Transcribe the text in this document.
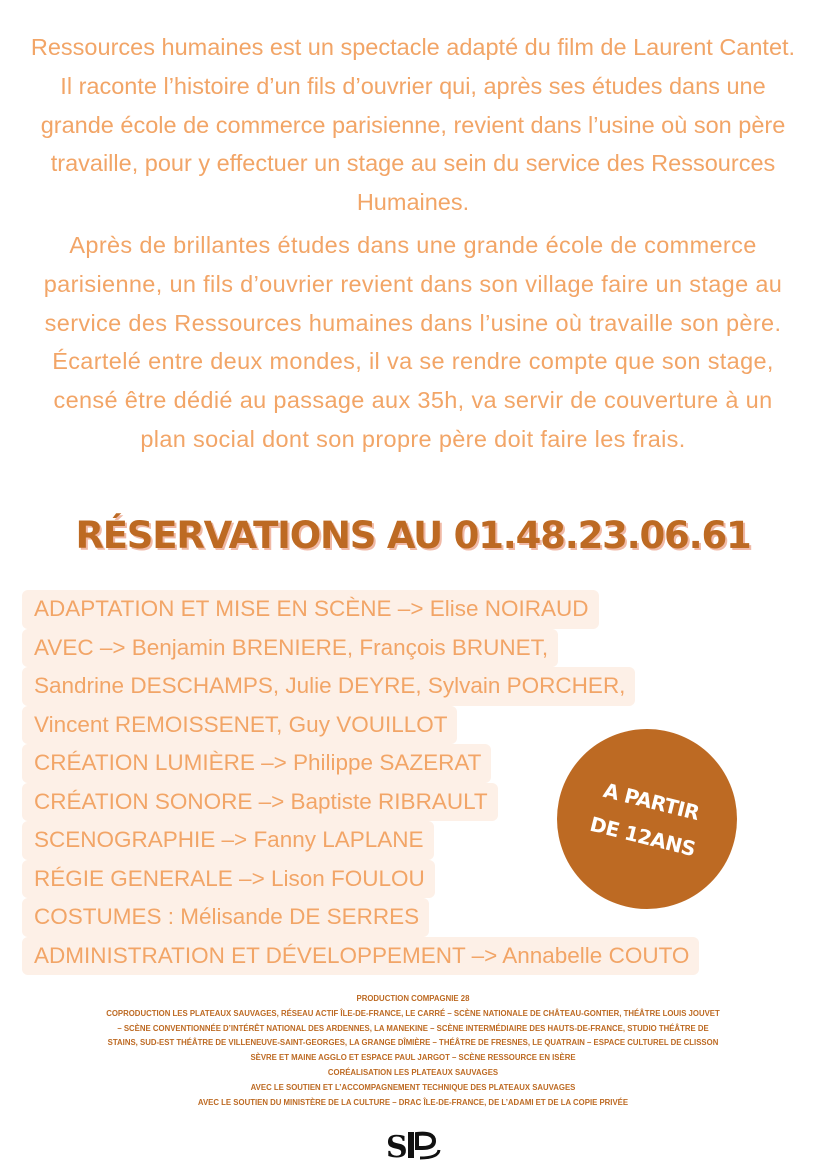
Ressources humaines est un spectacle adapté du film de Laurent Cantet. Il raconte l’histoire d’un fils d’ouvrier qui, après ses études dans une grande école de commerce parisienne, revient dans l’usine où son père travaille, pour y effectuer un stage au sein du service des Ressources Humaines.

Après de brillantes études dans une grande école de commerce parisienne, un fils d’ouvrier revient dans son village faire un stage au service des Ressources humaines dans l’usine où travaille son père. Écartelé entre deux mondes, il va se rendre compte que son stage, censé être dédié au passage aux 35h, va servir de couverture à un plan social dont son propre père doit faire les frais.

RÉSERVATIONS AU 01.48.23.06.61
ADAPTATION ET MISE EN SCÈNE –> Elise NOIRAUD
AVEC –> Benjamin BRENIERE, François BRUNET,
Sandrine DESCHAMPS, Julie DEYRE, Sylvain PORCHER,
Vincent REMOISSENET, Guy VOUILLOT
CRÉATION LUMIÈRE –> Philippe SAZERAT
CRÉATION SONORE –> Baptiste RIBRAULT
SCENOGRAPHIE –> Fanny LAPLANE
RÉGIE GENERALE –> Lison FOULOU
COSTUMES : Mélisande DE SERRES
ADMINISTRATION ET DÉVELOPPEMENT –> Annabelle COUTO
A PARTIR
DE 12ANS
PRODUCTION COMPAGNIE 28
COPRODUCTION LES PLATEAUX SAUVAGES, RÉSEAU ACTIF ÎLE-DE-FRANCE, LE CARRÉ – SCÈNE NATIONALE DE CHÂTEAU-GONTIER, THÉÂTRE LOUIS JOUVET
– SCÈNE CONVENTIONNÉE D’INTÉRÊT NATIONAL DES ARDENNES, LA MANEKINE – SCÈNE INTERMÉDIAIRE DES HAUTS-DE-FRANCE, STUDIO THÉÂTRE DE
STAINS, SUD-EST THÉÂTRE DE VILLENEUVE-SAINT-GEORGES, LA GRANGE DÎMIÈRE – THÉÂTRE DE FRESNES, LE QUATRAIN – ESPACE CULTUREL DE CLISSON
SÈVRE ET MAINE AGGLO ET ESPACE PAUL JARGOT – SCÈNE RESSOURCE EN ISÈRE
CORÉALISATION LES PLATEAUX SAUVAGES
AVEC LE SOUTIEN ET L’ACCOMPAGNEMENT TECHNIQUE DES PLATEAUX SAUVAGES
AVEC LE SOUTIEN DU MINISTÈRE DE LA CULTURE – DRAC ÎLE-DE-FRANCE, DE L’ADAMI ET DE LA COPIE PRIVÉE
S
